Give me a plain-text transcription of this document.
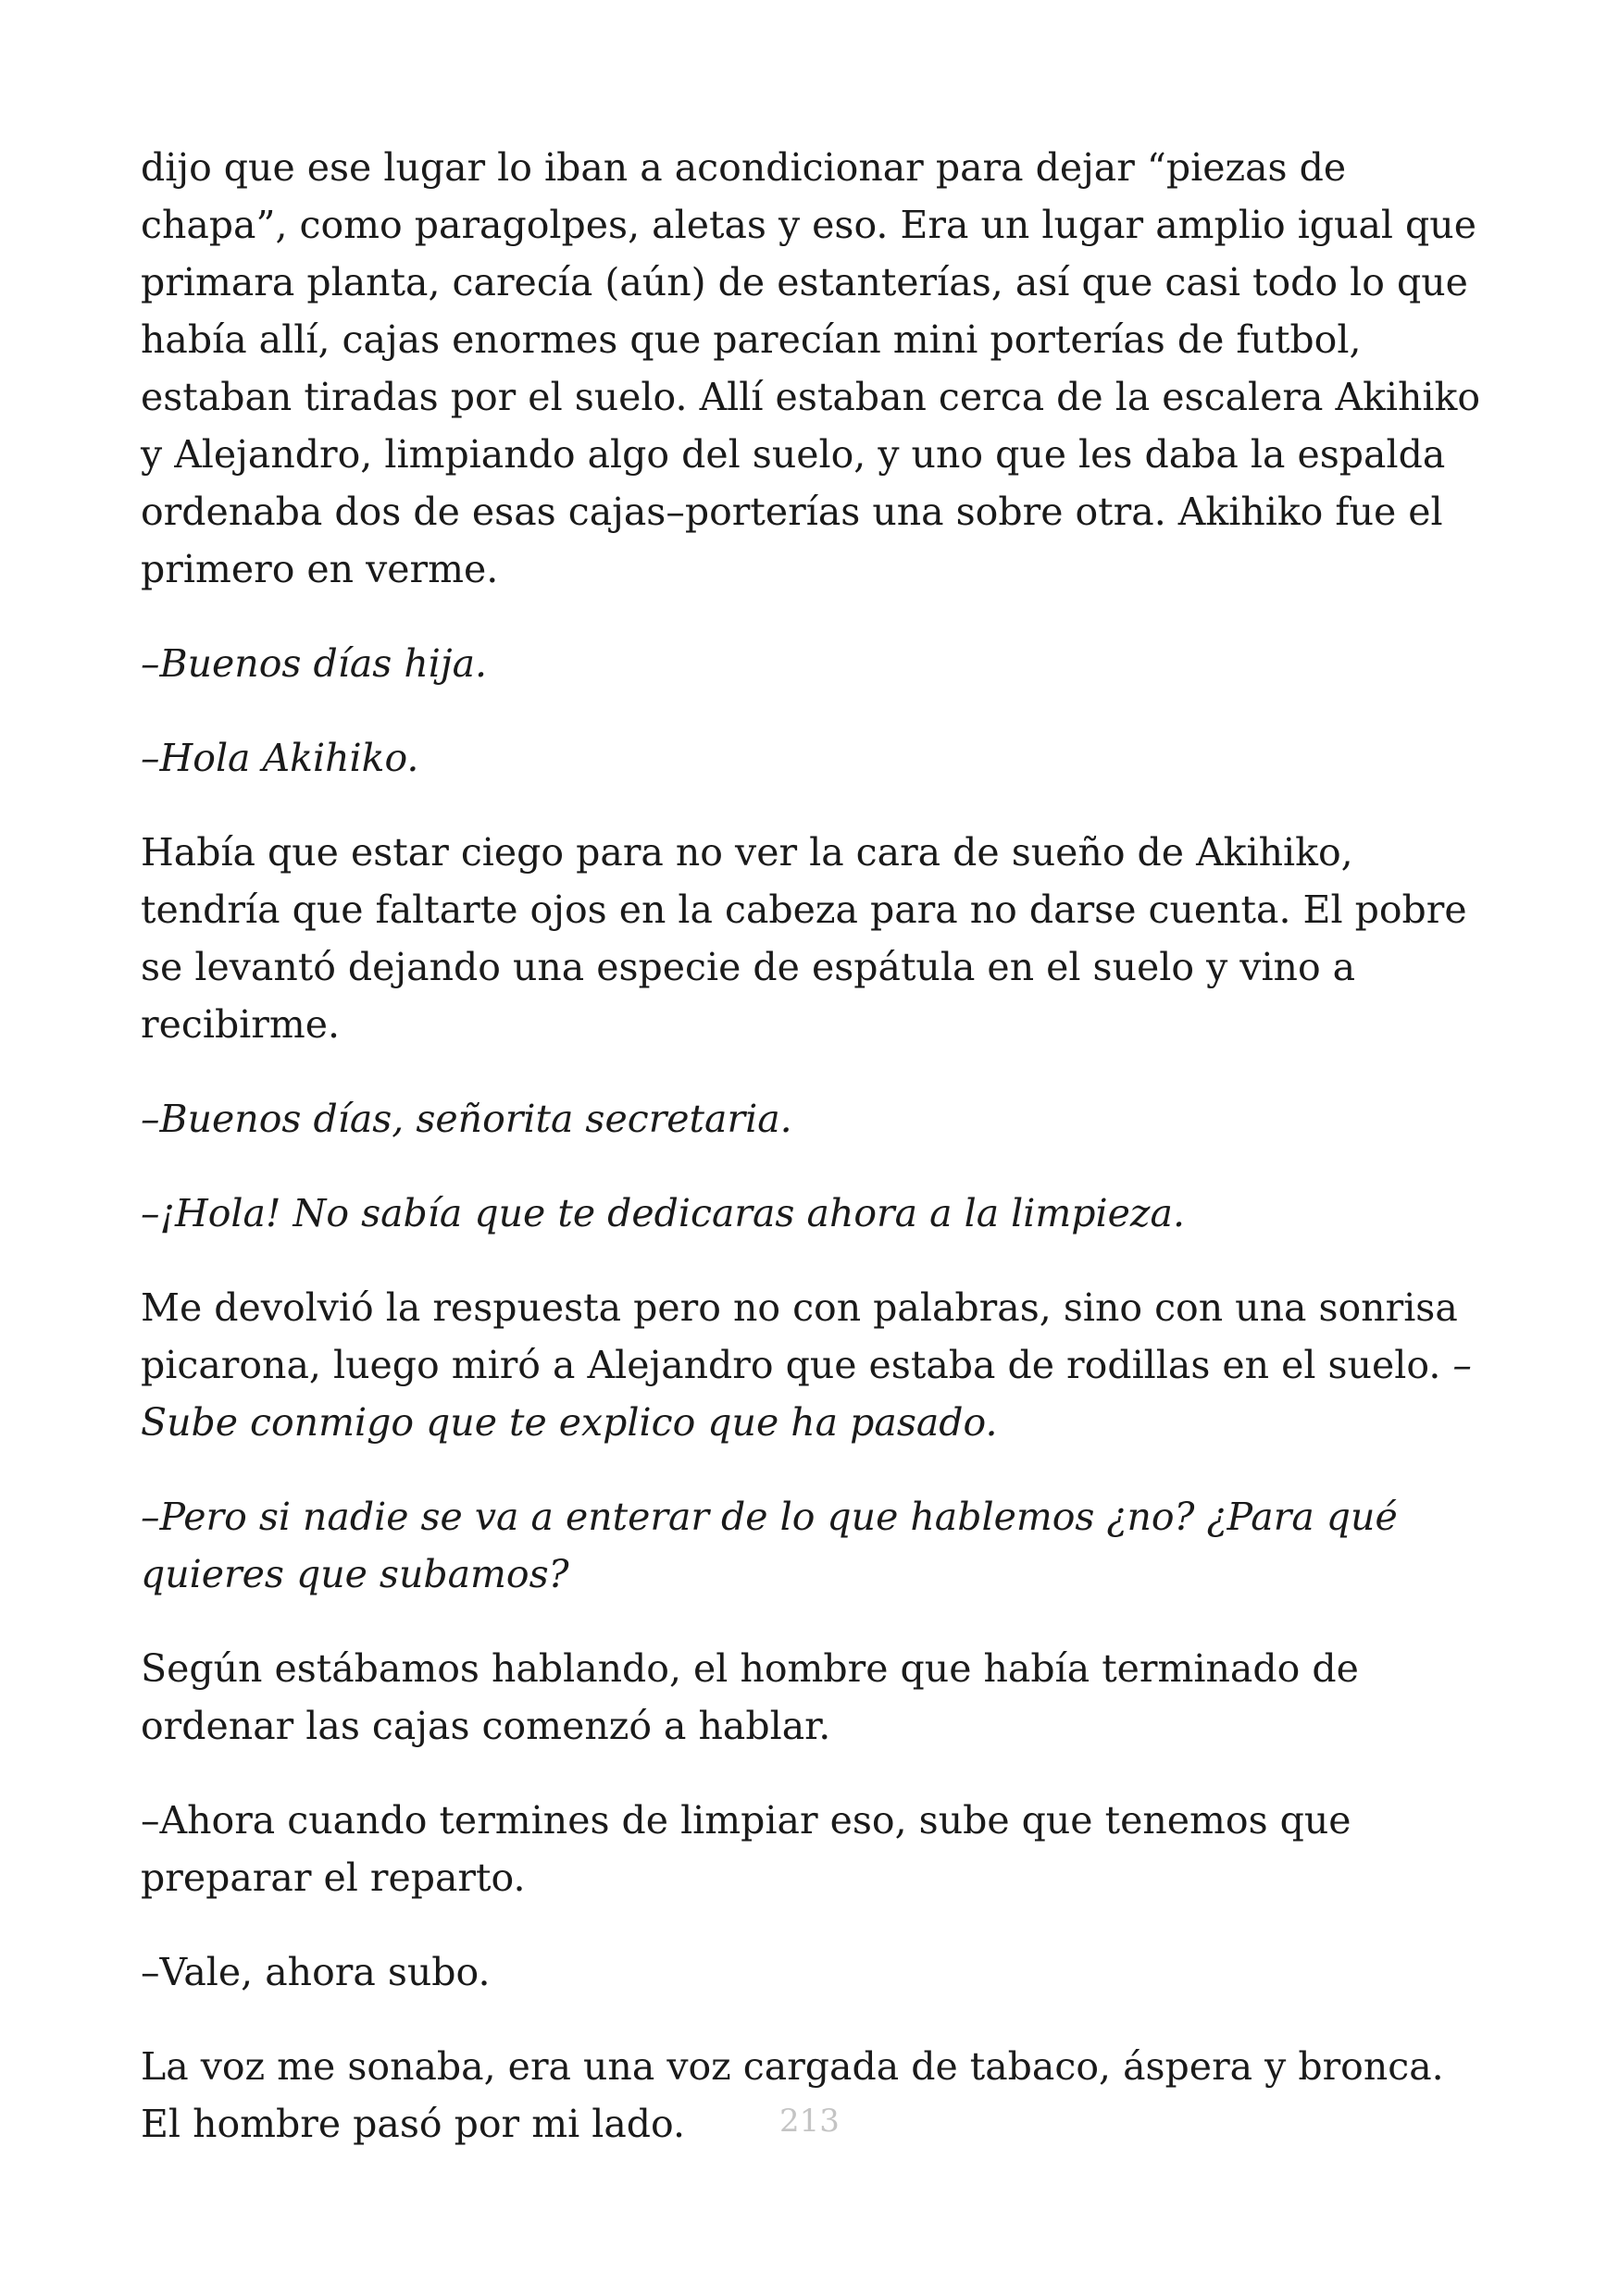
dijo que ese lugar lo iban a acondicionar para dejar “piezas de chapa”, como paragolpes, aletas y eso. Era un lugar amplio igual que primara planta, carecía (aún) de estanterías, así que casi todo lo que había allí, cajas enormes que parecían mini porterías de futbol, estaban tiradas por el suelo. Allí estaban cerca de la escalera Akihiko y Alejandro, limpiando algo del suelo, y uno que les daba la espalda ordenaba dos de esas cajas–porterías una sobre otra. Akihiko fue el primero en verme.

–Buenos días hija.

–Hola Akihiko.

Había que estar ciego para no ver la cara de sueño de Akihiko, tendría que faltarte ojos en la cabeza para no darse cuenta. El pobre se levantó dejando una especie de espátula en el suelo y vino a recibirme.

–Buenos días, señorita secretaria.

–¡Hola! No sabía que te dedicaras ahora a la limpieza.

Me devolvió la respuesta pero no con palabras, sino con una sonrisa picarona, luego miró a Alejandro que estaba de rodillas en el suelo. –Sube conmigo que te explico que ha pasado.

–Pero si nadie se va a enterar de lo que hablemos ¿no? ¿Para qué quieres que subamos?

Según estábamos hablando, el hombre que había terminado de ordenar las cajas comenzó a hablar.

–Ahora cuando termines de limpiar eso, sube que tenemos que preparar el reparto.

–Vale, ahora subo.

La voz me sonaba, era una voz cargada de tabaco, áspera y bronca. El hombre pasó por mi lado.	213
